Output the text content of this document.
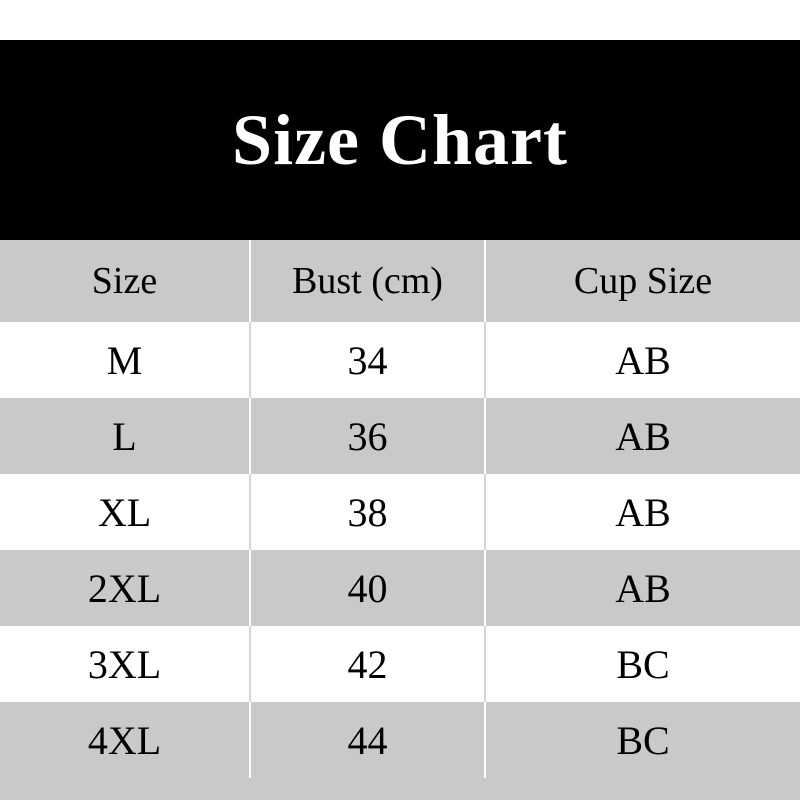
Size Chart
Size	Bust (cm)	Cup Size
M	34	AB
L	36	AB
XL	38	AB
2XL	40	AB
3XL	42	BC
4XL	44	BC
